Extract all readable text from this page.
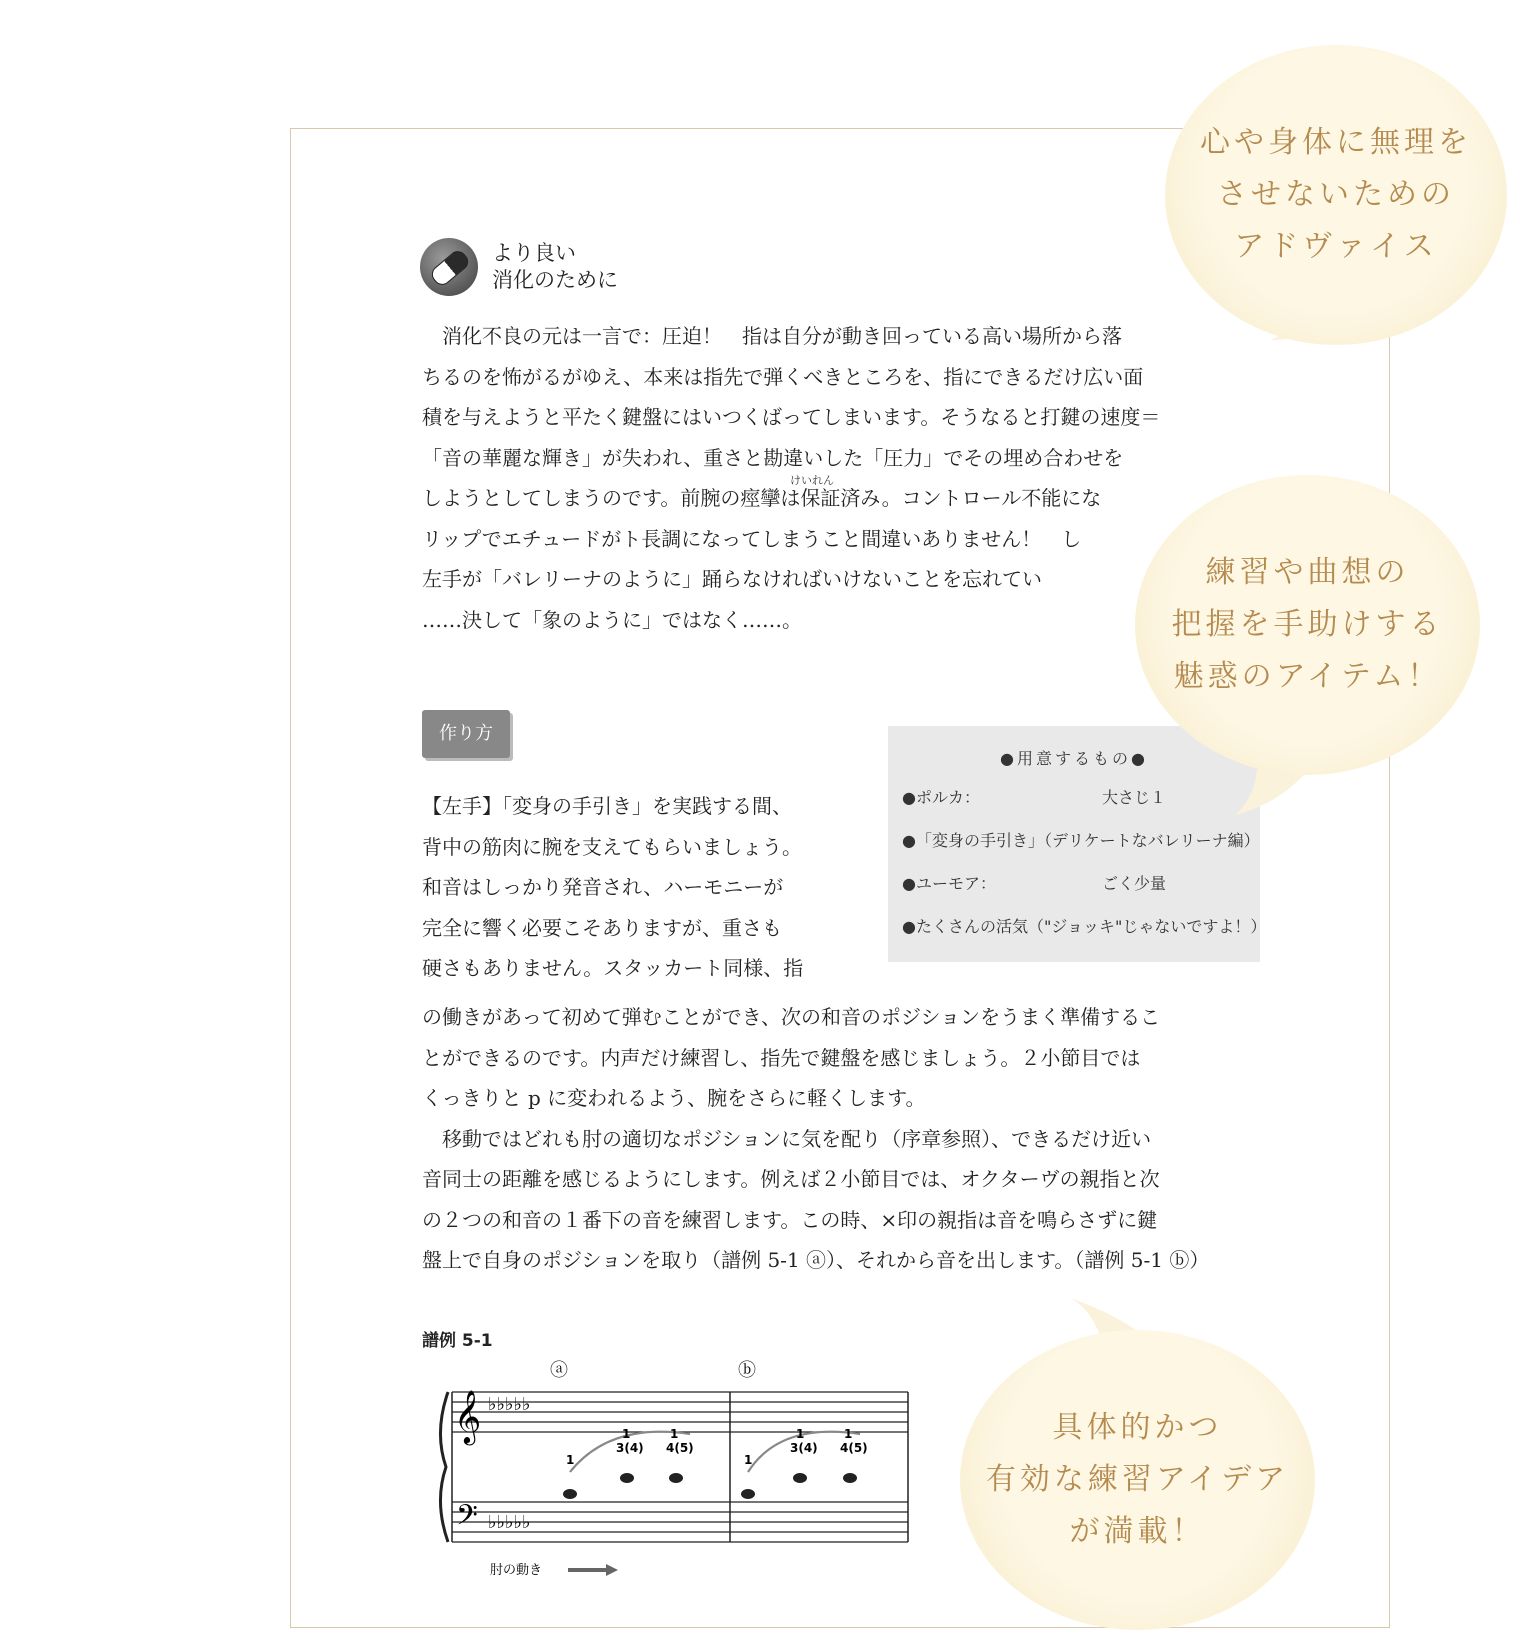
より良い
消化のために

消化不良の元は一言で：圧迫！　指は自分が動き回っている高い場所から落

ちるのを怖がるがゆえ、本来は指先で弾くべきところを、指にできるだけ広い面

積を与えようと平たく鍵盤にはいつくばってしまいます。そうなると打鍵の速度＝

「音の華麗な輝き」が失われ、重さと勘違いした「圧力」でその埋め合わせを

しようとしてしまうのです。前腕の痙攣は保証済み。コントロール不能にな

リップでエチュードがト長調になってしまうこと間違いありません！　し

左手が「バレリーナのように」踊らなければいけないことを忘れてい

……決して「象のように」ではなく……。

けいれん
作り方

【左手】「変身の手引き」を実践する間、

背中の筋肉に腕を支えてもらいましょう。

和音はしっかり発音され、ハーモニーが

完全に響く必要こそありますが、重さも

硬さもありません。スタッカート同様、指

●用意するもの●
●ポルカ：	大さじ１
●「変身の手引き」（デリケートなバレリーナ編）
●ユーモア：	ごく少量
●たくさんの活気（"ジョッキ"じゃないですよ！）

の働きがあって初めて弾むことができ、次の和音のポジションをうまく準備するこ

とができるのです。内声だけ練習し、指先で鍵盤を感じましょう。２小節目では

くっきりと p に変われるよう、腕をさらに軽くします。

移動ではどれも肘の適切なポジションに気を配り（序章参照）、できるだけ近い

音同士の距離を感じるようにします。例えば２小節目では、オクターヴの親指と次

の２つの和音の１番下の音を練習します。この時、×印の親指は音を鳴らさずに鍵

盤上で自身のポジションを取り（譜例 5-1 ⓐ）、それから音を出します。（譜例 5-1 ⓑ）

譜例 5-1
ⓐ	ⓑ
𝄞
𝄢
♭♭♭♭♭
♭♭♭♭♭
1
1
3(4)
1
4(5)
1
1
3(4)
1
4(5)
肘の動き
心や身体に無理を
させないための
アドヴァイス
練習や曲想の
把握を手助けする
魅惑のアイテム！
具体的かつ
有効な練習アイデア
が満載！
